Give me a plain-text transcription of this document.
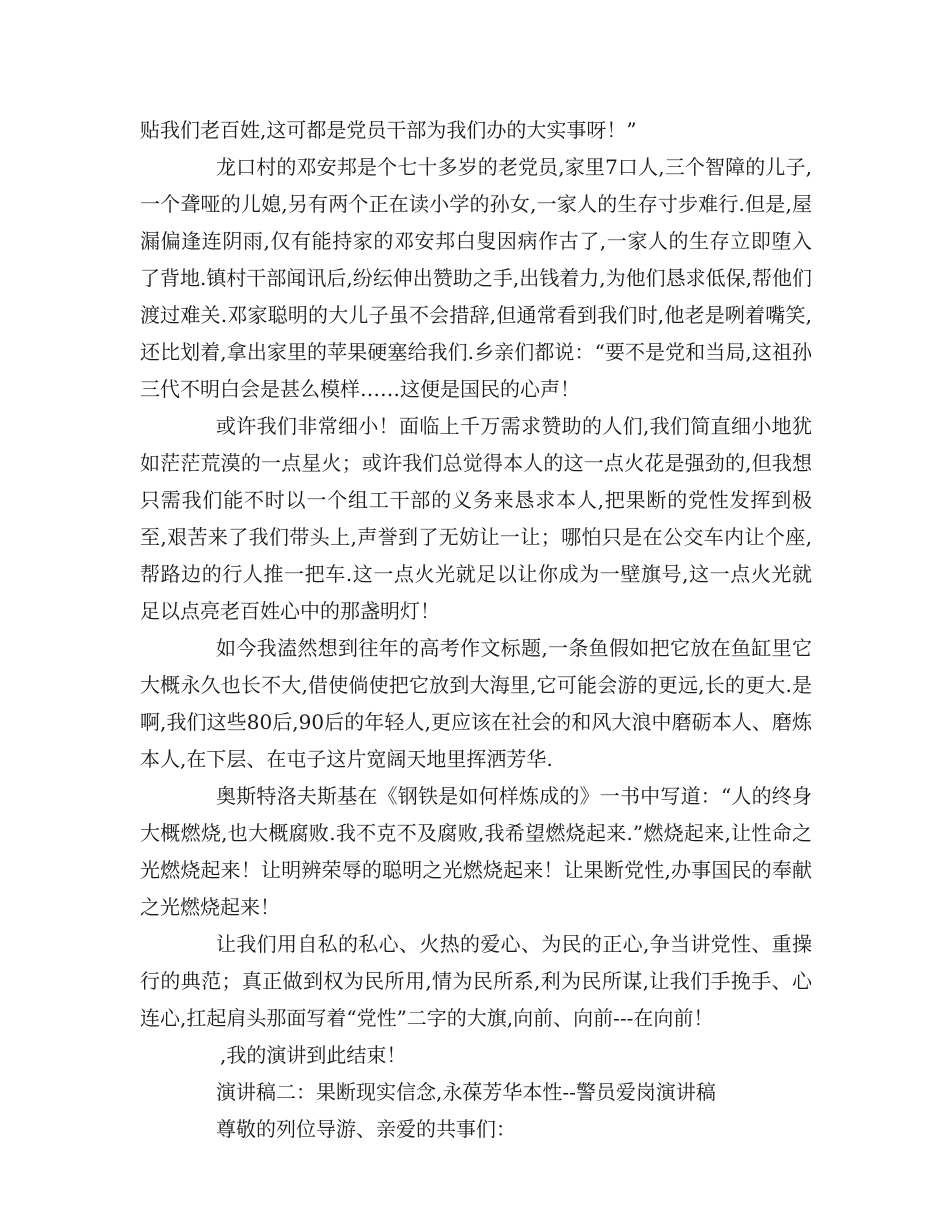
贴我们老百姓,这可都是党员干部为我们办的大实事呀！”

龙口村的邓安邦是个七十多岁的老党员,家里7口人,三个智障的儿子,一个聋哑的儿媳,另有两个正在读小学的孙女,一家人的生存寸步难行.但是,屋漏偏逢连阴雨,仅有能持家的邓安邦白叟因病作古了,一家人的生存立即堕入了背地.镇村干部闻讯后,纷纭伸出赞助之手,出钱着力,为他们恳求低保,帮他们渡过难关.邓家聪明的大儿子虽不会措辞,但通常看到我们时,他老是咧着嘴笑,还比划着,拿出家里的苹果硬塞给我们.乡亲们都说：“要不是党和当局,这祖孙三代不明白会是甚么模样……这便是国民的心声！

或许我们非常细小！面临上千万需求赞助的人们,我们简直细小地犹如茫茫荒漠的一点星火；或许我们总觉得本人的这一点火花是强劲的,但我想只需我们能不时以一个组工干部的义务来恳求本人,把果断的党性发挥到极至,艰苦来了我们带头上,声誉到了无妨让一让；哪怕只是在公交车内让个座,帮路边的行人推一把车.这一点火光就足以让你成为一壁旗号,这一点火光就足以点亮老百姓心中的那盏明灯！

如今我溘然想到往年的高考作文标题,一条鱼假如把它放在鱼缸里它大概永久也长不大,借使倘使把它放到大海里,它可能会游的更远,长的更大.是啊,我们这些80后,90后的年轻人,更应该在社会的和风大浪中磨砺本人、磨炼本人,在下层、在屯子这片宽阔天地里挥洒芳华.

奥斯特洛夫斯基在《钢铁是如何样炼成的》一书中写道：“人的终身大概燃烧,也大概腐败.我不克不及腐败,我希望燃烧起来.”燃烧起来,让性命之光燃烧起来！让明辨荣辱的聪明之光燃烧起来！让果断党性,办事国民的奉献之光燃烧起来！

让我们用自私的私心、火热的爱心、为民的正心,争当讲党性、重操行的典范；真正做到权为民所用,情为民所系,利为民所谋,让我们手挽手、心连心,扛起肩头那面写着“党性”二字的大旗,向前、向前---在向前！

,我的演讲到此结束！

演讲稿二：果断现实信念,永葆芳华本性--警员爱岗演讲稿

尊敬的列位导游、亲爱的共事们：
